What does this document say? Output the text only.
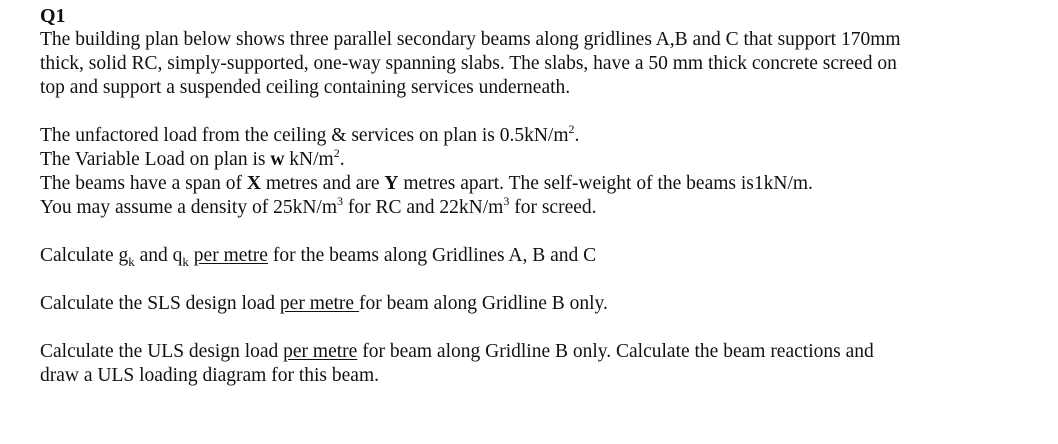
Q1

The building plan below shows three parallel secondary beams along gridlines A,B and C that support 170mm
thick, solid RC, simply-supported, one-way spanning slabs. The slabs, have a 50 mm thick concrete screed on
top and support a suspended ceiling containing services underneath.

The unfactored load from the ceiling & services on plan is $0.5kN/m^2$.
The Variable Load on plan is w $kN/m^2$.
The beams have a span of X metres and are Y metres apart. The self-weight of the beams is1kN/m.
You may assume a density of $25kN/m^3$ for RC and $22kN/m^3$ for screed.

Calculate $g_k$ and $q_k$ per metre for the beams along Gridlines A, B and C

Calculate the SLS design load per metre for beam along Gridline B only.

Calculate the ULS design load per metre for beam along Gridline B only. Calculate the beam reactions and
draw a ULS loading diagram for this beam.
